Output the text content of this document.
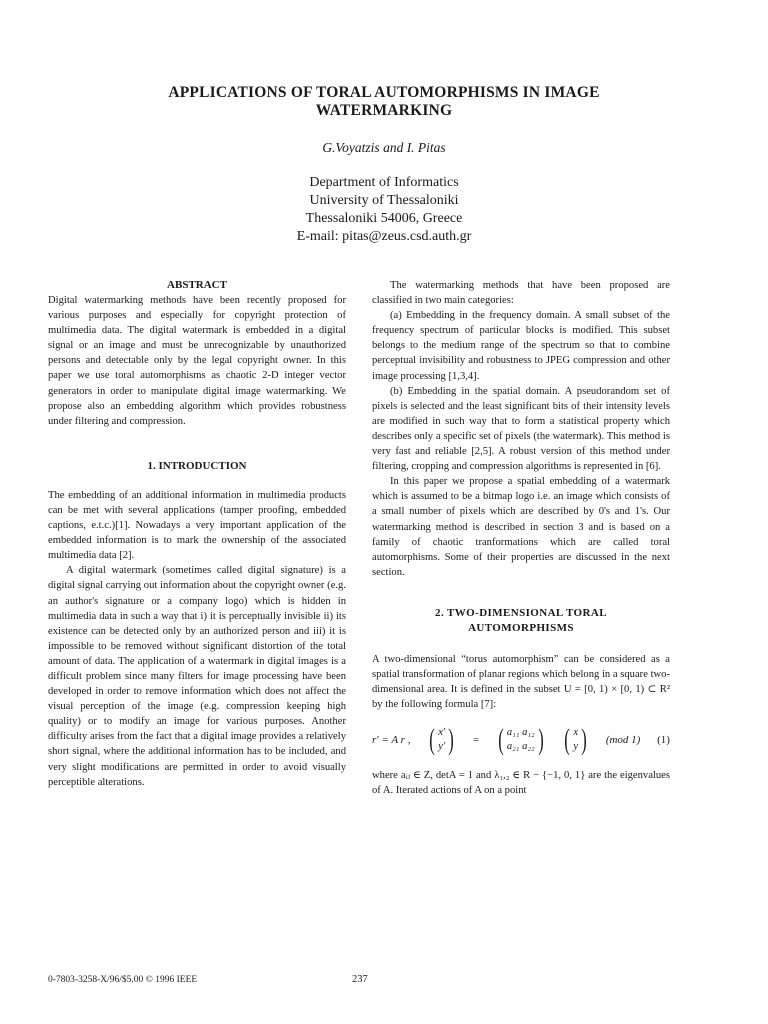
APPLICATIONS OF TORAL AUTOMORPHISMS IN IMAGE
WATERMARKING
G.Voyatzis and I. Pitas
Department of Informatics
University of Thessaloniki
Thessaloniki 54006, Greece
E-mail: pitas@zeus.csd.auth.gr
ABSTRACT

Digital watermarking methods have been recently proposed for various purposes and especially for copyright protection of multimedia data. The digital watermark is embedded in a digital signal or an image and must be unrecognizable by unauthorized persons and detectable only by the legal copyright owner. In this paper we use toral automorphisms as chaotic 2-D integer vector generators in order to manipulate digital image watermarking. We propose also an embedding algorithm which provides robustness under filtering and compression.

1. INTRODUCTION

The embedding of an additional information in multimedia products can be met with several applications (tamper proofing, embedded captions, e.t.c.)[1]. Nowadays a very important application of the embedded information is to mark the ownership of the associated multimedia data [2].

A digital watermark (sometimes called digital signature) is a digital signal carrying out information about the copyright owner (e.g. an author's signature or a company logo) which is hidden in multimedia data in such a way that i) it is perceptually invisible ii) its existence can be detected only by an authorized person and iii) it is impossible to be removed without significant distortion of the total amount of data. The application of a watermark in digital images is a difficult problem since many filters for image processing have been developed in order to remove information which does not affect the visual perception of the image (e.g. compression keeping high quality) or to modify an image for various purposes. Another difficulty arises from the fact that a digital image provides a relatively short signal, where the additional information has to be included, and very slight modifications are permitted in order to avoid visually perceptible alterations.

The watermarking methods that have been proposed are classified in two main categories:

(a) Embedding in the frequency domain. A small subset of the frequency spectrum of particular blocks is modified. This subset belongs to the medium range of the spectrum so that to combine perceptual invisibility and robustness to JPEG compression and other image processing [1,3,4].

(b) Embedding in the spatial domain. A pseudorandom set of pixels is selected and the least significant bits of their intensity levels are modified in such way that to form a statistical property which describes only a specific set of pixels (the watermark). This method is very fast and reliable [2,5]. A robust version of this method under filtering, cropping and compression algorithms is represented in [6].

In this paper we propose a spatial embedding of a watermark which is assumed to be a bitmap logo i.e. an image which consists of a small number of pixels which are described by 0's and 1's. Our watermarking method is described in section 3 and is based on a family of chaotic tranformations which are called toral automorphisms. Some of their properties are discussed in the next section.

2. TWO-DIMENSIONAL TORAL
AUTOMORPHISMS

A two-dimensional “torus automorphism” can be considered as a spatial transformation of planar regions which belong in a square two- dimensional area. It is defined in the subset U = [0, 1) × [0, 1) ⊂ R² by the following formula [7]:

r′ = A r , ( x′
y′ ) = ( a₁₁ a₁₂
a₂₁ a₂₂ ) ( x
y ) (mod 1) (1)

where aᵢⱼ ∈ Z, detA = 1 and λ₁,₂ ∈ R − {−1, 0, 1} are the eigenvalues of A. Iterated actions of A on a point

0-7803-3258-X/96/$5.00 © 1996 IEEE	237
